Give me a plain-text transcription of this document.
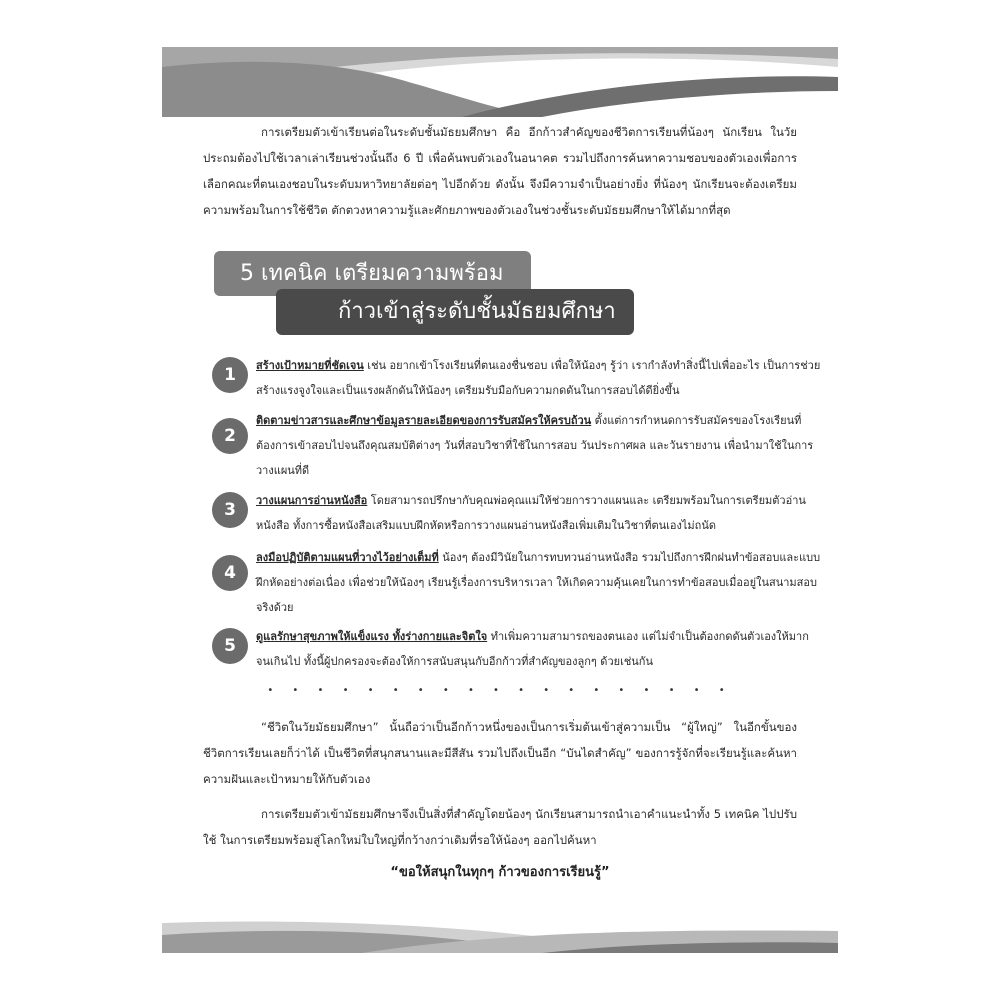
การเตรียมตัวเข้าเรียนต่อในระดับชั้นมัธยมศึกษา คือ อีกก้าวสำคัญของชีวิตการเรียนที่น้องๆ นักเรียน ในวัยประถมต้องไปใช้เวลาเล่าเรียนช่วงนั้นถึง 6 ปี เพื่อค้นพบตัวเองในอนาคต รวมไปถึงการค้นหาความชอบของตัวเองเพื่อการเลือกคณะที่ตนเองชอบในระดับมหาวิทยาลัยต่อๆ ไปอีกด้วย ดังนั้น จึงมีความจำเป็นอย่างยิ่ง ที่น้องๆ นักเรียนจะต้องเตรียมความพร้อมในการใช้ชีวิต ตักตวงหาความรู้และศักยภาพของตัวเองในช่วงชั้นระดับมัธยมศึกษาให้ได้มากที่สุด

5 เทคนิค เตรียมความพร้อม
ก้าวเข้าสู่ระดับชั้นมัธยมศึกษา
1	สร้างเป้าหมายที่ชัดเจน เช่น อยากเข้าโรงเรียนที่ตนเองชื่นชอบ เพื่อให้น้องๆ รู้ว่า เรากำลังทำสิ่งนี้ไปเพื่ออะไร เป็นการช่วยสร้างแรงจูงใจและเป็นแรงผลักดันให้น้องๆ เตรียมรับมือกับความกดดันในการสอบได้ดียิ่งขึ้น

2

ติดตามข่าวสารและศึกษาข้อมูลรายละเอียดของการรับสมัครให้ครบถ้วน ตั้งแต่การกำหนดการรับสมัครของโรงเรียนที่ต้องการเข้าสอบไปจนถึงคุณสมบัติต่างๆ วันที่สอบวิชาที่ใช้ในการสอบ วันประกาศผล และวันรายงาน เพื่อนำมาใช้ในการวางแผนที่ดี

3	วางแผนการอ่านหนังสือ โดยสามารถปรึกษากับคุณพ่อคุณแม่ให้ช่วยการวางแผนและ เตรียมพร้อมในการเตรียมตัวอ่านหนังสือ ทั้งการซื้อหนังสือเสริมแบบฝึกหัดหรือการวางแผนอ่านหนังสือเพิ่มเติมในวิชาที่ตนเองไม่ถนัด

4

ลงมือปฏิบัติตามแผนที่วางไว้อย่างเต็มที่ น้องๆ ต้องมีวินัยในการทบทวนอ่านหนังสือ รวมไปถึงการฝึกฝนทำข้อสอบและแบบฝึกหัดอย่างต่อเนื่อง เพื่อช่วยให้น้องๆ เรียนรู้เรื่องการบริหารเวลา ให้เกิดความคุ้นเคยในการทำข้อสอบเมื่ออยู่ในสนามสอบจริงด้วย

5	ดูแลรักษาสุขภาพให้แข็งแรง ทั้งร่างกายและจิตใจ ทำเพิ่มความสามารถของตนเอง แต่ไม่จำเป็นต้องกดดันตัวเองให้มากจนเกินไป ทั้งนี้ผู้ปกครองจะต้องให้การสนับสนุนกับอีกก้าวที่สำคัญของลูกๆ ด้วยเช่นกัน

• • • • • • • • • • • • • • • • • • •

“ชีวิตในวัยมัธยมศึกษา” นั้นถือว่าเป็นอีกก้าวหนึ่งของเป็นการเริ่มต้นเข้าสู่ความเป็น “ผู้ใหญ่” ในอีกขั้นของชีวิตการเรียนเลยก็ว่าได้ เป็นชีวิตที่สนุกสนานและมีสีสัน รวมไปถึงเป็นอีก “บันไดสำคัญ” ของการรู้จักที่จะเรียนรู้และค้นหาความฝันและเป้าหมายให้กับตัวเอง

การเตรียมตัวเข้ามัธยมศึกษาจึงเป็นสิ่งที่สำคัญโดยน้องๆ นักเรียนสามารถนำเอาคำแนะนำทั้ง 5 เทคนิค ไปปรับใช้ ในการเตรียมพร้อมสู่โลกใหม่ใบใหญ่ที่กว้างกว่าเดิมที่รอให้น้องๆ ออกไปค้นหา

“ขอให้สนุกในทุกๆ ก้าวของการเรียนรู้”
